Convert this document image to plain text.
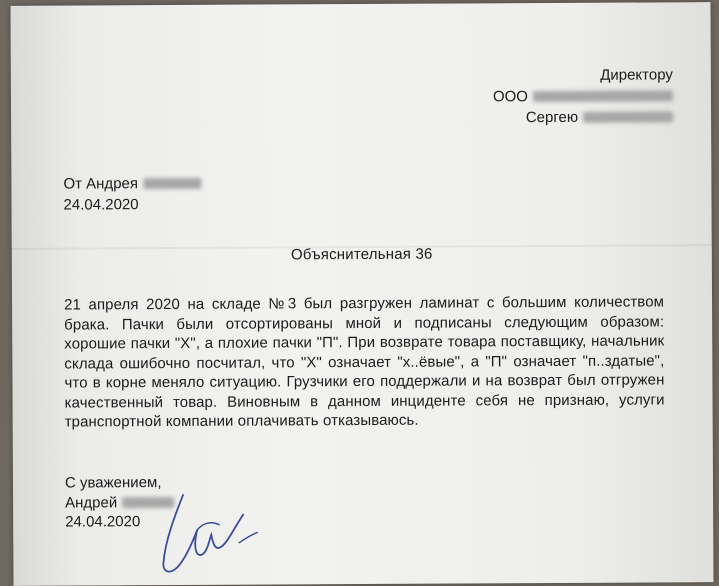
Директору
ООО
Сергею
От Андрея
24.04.2020
Объяснительная 36
21 апреля 2020 на складе №3 был разгружен ламинат с большим количеством брака. Пачки были отсортированы мной и подписаны следующим образом: хорошие пачки "Х", а плохие пачки "П". При возврате товара поставщику, начальник склада ошибочно посчитал, что "Х" означает "х..ёвые", а "П" означает "п..здатые", что в корне меняло ситуацию. Грузчики его поддержали и на возврат был отгружен качественный товар. Виновным в данном инциденте себя не признаю, услуги транспортной компании оплачивать отказываюсь.
С уважением,
Андрей
24.04.2020
